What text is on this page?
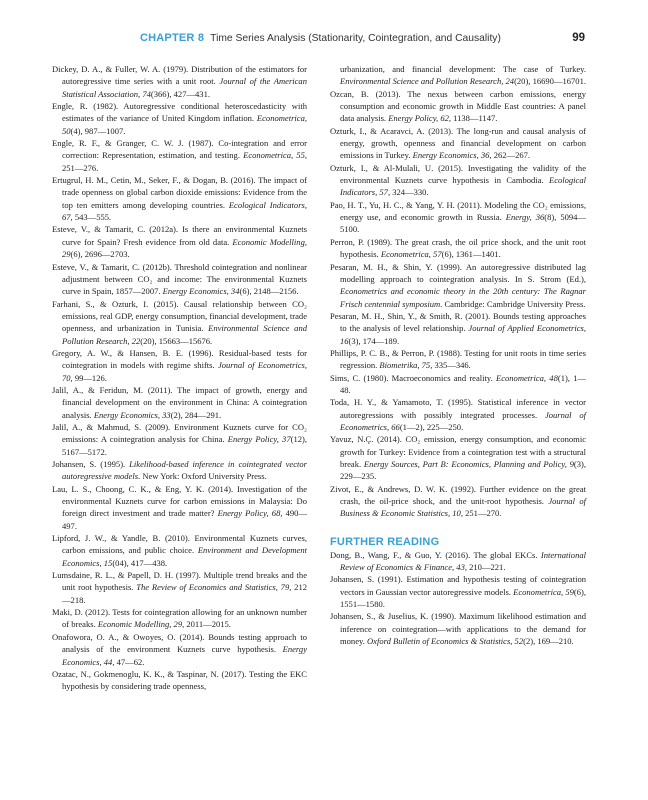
CHAPTER 8 Time Series Analysis (Stationarity, Cointegration, and Causality)	99

Dickey, D. A., & Fuller, W. A. (1979). Distribution of the estimators for autoregressive time series with a unit root. Journal of the American Statistical Association, 74(366), 427—431.

Engle, R. (1982). Autoregressive conditional heteroscedasticity with estimates of the variance of United Kingdom inflation. Econometrica, 50(4), 987—1007.

Engle, R. F., & Granger, C. W. J. (1987). Co-integration and error correction: Representation, estimation, and testing. Econometrica, 55, 251—276.

Ertugrul, H. M., Cetin, M., Seker, F., & Dogan, B. (2016). The impact of trade openness on global carbon dioxide emissions: Evidence from the top ten emitters among developing countries. Ecological Indicators, 67, 543—555.

Esteve, V., & Tamarit, C. (2012a). Is there an environmental Kuznets curve for Spain? Fresh evidence from old data. Economic Modelling, 29(6), 2696—2703.

Esteve, V., & Tamarit, C. (2012b). Threshold cointegration and nonlinear adjustment between CO₂ and income: The environmental Kuznets curve in Spain, 1857—2007. Energy Economics, 34(6), 2148—2156.

Farhani, S., & Ozturk, I. (2015). Causal relationship between CO₂ emissions, real GDP, energy consumption, financial development, trade openness, and urbanization in Tunisia. Environmental Science and Pollution Research, 22(20), 15663—15676.

Gregory, A. W., & Hansen, B. E. (1996). Residual-based tests for cointegration in models with regime shifts. Journal of Econometrics, 70, 99—126.

Jalil, A., & Feridun, M. (2011). The impact of growth, energy and financial development on the environment in China: A cointegration analysis. Energy Economics, 33(2), 284—291.

Jalil, A., & Mahmud, S. (2009). Environment Kuznets curve for CO₂ emissions: A cointegration analysis for China. Energy Policy, 37(12), 5167—5172.

Johansen, S. (1995). Likelihood-based inference in cointegrated vector autoregressive models. New York: Oxford University Press.

Lau, L. S., Choong, C. K., & Eng, Y. K. (2014). Investigation of the environmental Kuznets curve for carbon emissions in Malaysia: Do foreign direct investment and trade matter? Energy Policy, 68, 490—497.

Lipford, J. W., & Yandle, B. (2010). Environmental Kuznets curves, carbon emissions, and public choice. Environment and Development Economics, 15(04), 417—438.

Lumsdaine, R. L., & Papell, D. H. (1997). Multiple trend breaks and the unit root hypothesis. The Review of Economics and Statistics, 79, 212—218.

Maki, D. (2012). Tests for cointegration allowing for an unknown number of breaks. Economic Modelling, 29, 2011—2015.

Onafowora, O. A., & Owoyes, O. (2014). Bounds testing approach to analysis of the environment Kuznets curve hypothesis. Energy Economics, 44, 47—62.

Ozatac, N., Gokmenoglu, K. K., & Taspinar, N. (2017). Testing the EKC hypothesis by considering trade openness,

urbanization, and financial development: The case of Turkey. Environmental Science and Pollution Research, 24(20), 16690—16701.

Ozcan, B. (2013). The nexus between carbon emissions, energy consumption and economic growth in Middle East countries: A panel data analysis. Energy Policy, 62, 1138—1147.

Ozturk, I., & Acaravci, A. (2013). The long-run and causal analysis of energy, growth, openness and financial development on carbon emissions in Turkey. Energy Economics, 36, 262—267.

Ozturk, I., & Al-Mulali, U. (2015). Investigating the validity of the environmental Kuznets curve hypothesis in Cambodia. Ecological Indicators, 57, 324—330.

Pao, H. T., Yu, H. C., & Yang, Y. H. (2011). Modeling the CO₂ emissions, energy use, and economic growth in Russia. Energy, 36(8), 5094—5100.

Perron, P. (1989). The great crash, the oil price shock, and the unit root hypothesis. Econometrica, 57(6), 1361—1401.

Pesaran, M. H., & Shin, Y. (1999). An autoregressive distributed lag modelling approach to cointegration analysis. In S. Strom (Ed.), Econometrics and economic theory in the 20th century: The Ragnar Frisch centennial symposium. Cambridge: Cambridge University Press.

Pesaran, M. H., Shin, Y., & Smith, R. (2001). Bounds testing approaches to the analysis of level relationship. Journal of Applied Econometrics, 16(3), 174—189.

Phillips, P. C. B., & Perron, P. (1988). Testing for unit roots in time series regression. Biometrika, 75, 335—346.

Sims, C. (1980). Macroeconomics and reality. Econometrica, 48(1), 1—48.

Toda, H. Y., & Yamamoto, T. (1995). Statistical inference in vector autoregressions with possibly integrated processes. Journal of Econometrics, 66(1—2), 225—250.

Yavuz, N.Ç. (2014). CO₂ emission, energy consumption, and economic growth for Turkey: Evidence from a cointegration test with a structural break. Energy Sources, Part B: Economics, Planning and Policy, 9(3), 229—235.

Zivot, E., & Andrews, D. W. K. (1992). Further evidence on the great crash, the oil-price shock, and the unit-root hypothesis. Journal of Business & Economic Statistics, 10, 251—270.

FURTHER READING

Dong, B., Wang, F., & Guo, Y. (2016). The global EKCs. International Review of Economics & Finance, 43, 210—221.

Johansen, S. (1991). Estimation and hypothesis testing of cointegration vectors in Gaussian vector autoregressive models. Econometrica, 59(6), 1551—1580.

Johansen, S., & Juselius, K. (1990). Maximum likelihood estimation and inference on cointegration—with applications to the demand for money. Oxford Bulletin of Economics & Statistics, 52(2), 169—210.
